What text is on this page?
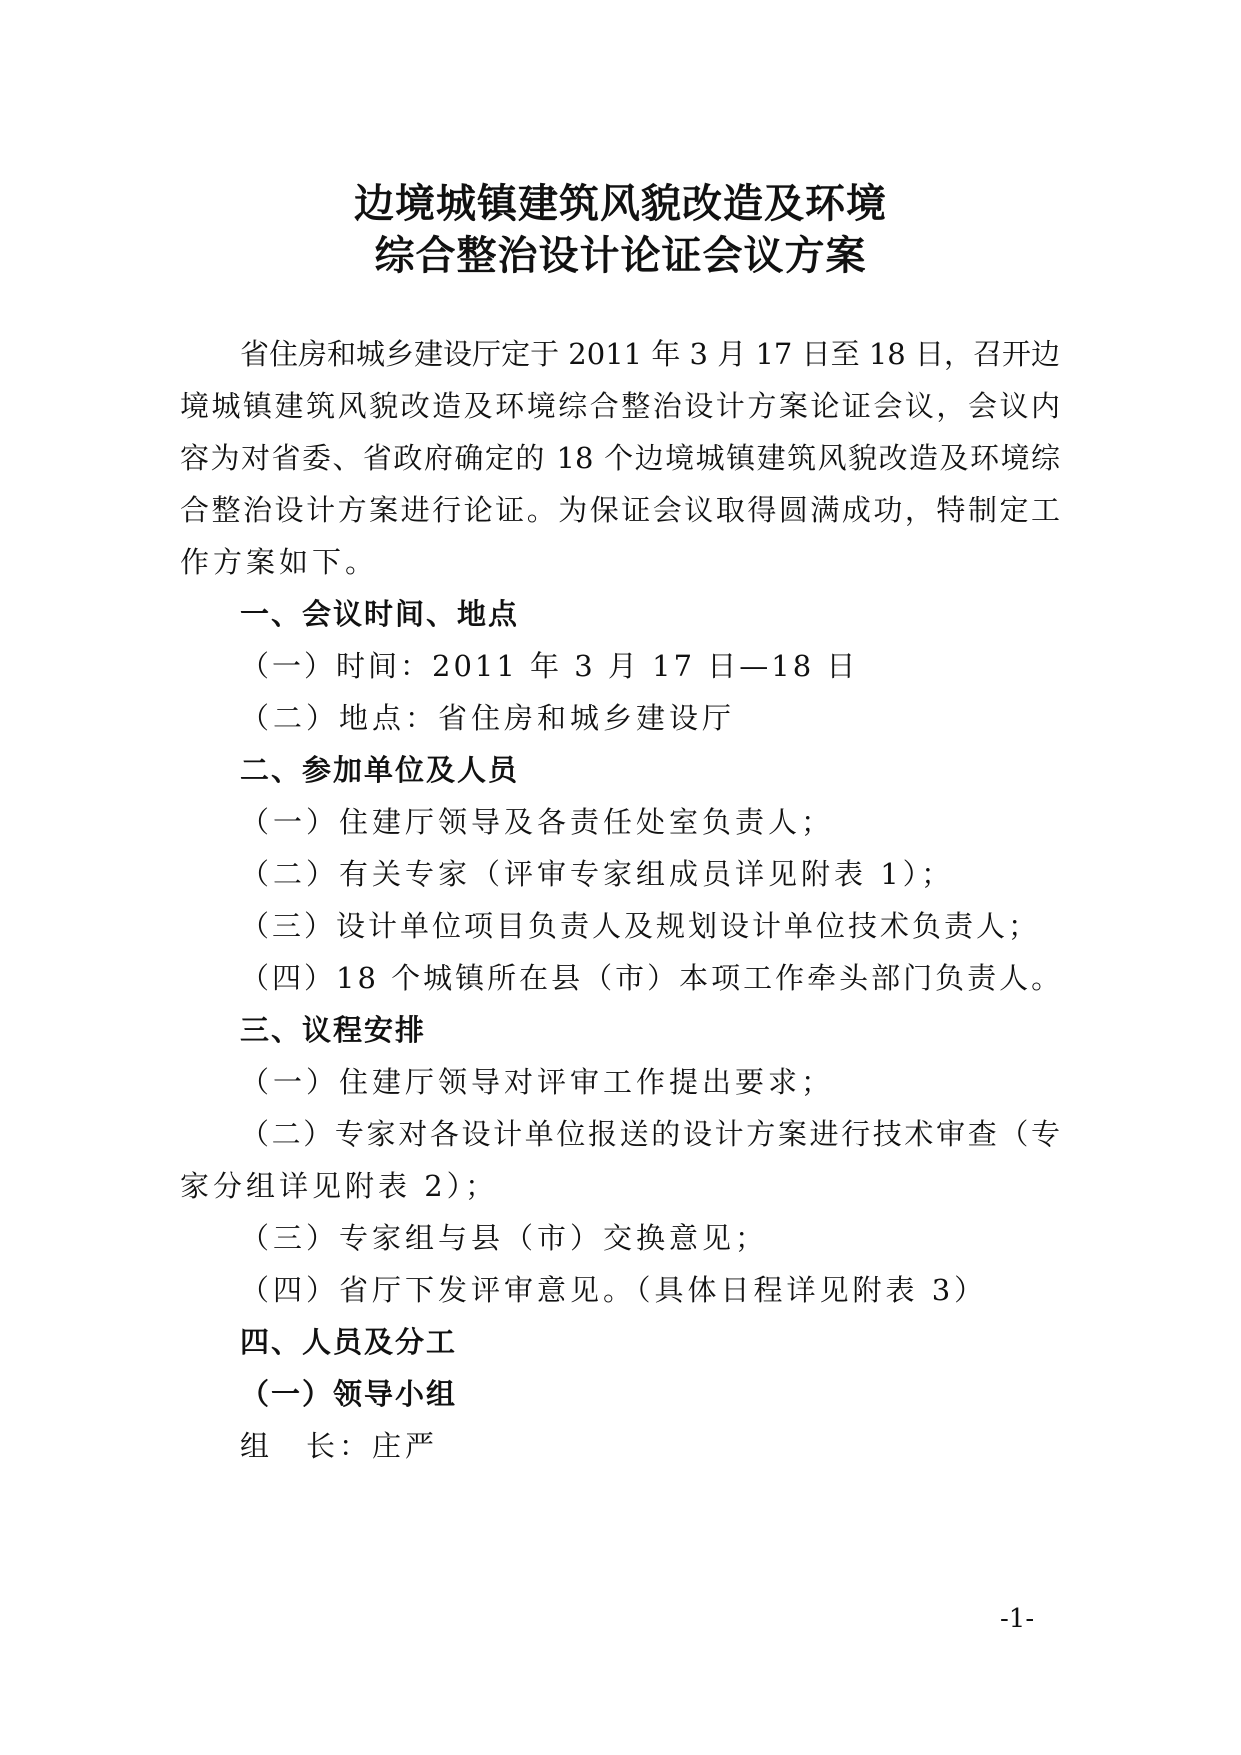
边境城镇建筑风貌改造及环境
综合整治设计论证会议方案
省住房和城乡建设厅定于 2011 年 3 月 17 日至 18 日，召开边
境城镇建筑风貌改造及环境综合整治设计方案论证会议，会议内
容为对省委、省政府确定的 18 个边境城镇建筑风貌改造及环境综
合整治设计方案进行论证。为保证会议取得圆满成功，特制定工
作方案如下。
一、会议时间、地点
（一）时间：2011 年 3 月 17 日—18 日
（二）地点：省住房和城乡建设厅
二、参加单位及人员
（一）住建厅领导及各责任处室负责人；
（二）有关专家（评审专家组成员详见附表 1）；
（三）设计单位项目负责人及规划设计单位技术负责人；
（四）18 个城镇所在县（市）本项工作牵头部门负责人。
三、议程安排
（一）住建厅领导对评审工作提出要求；
（二）专家对各设计单位报送的设计方案进行技术审查（专
家分组详见附表 2）；
（三）专家组与县（市）交换意见；
（四）省厅下发评审意见。（具体日程详见附表 3）
四、人员及分工
（一）领导小组
组　长：庄严
-1-
